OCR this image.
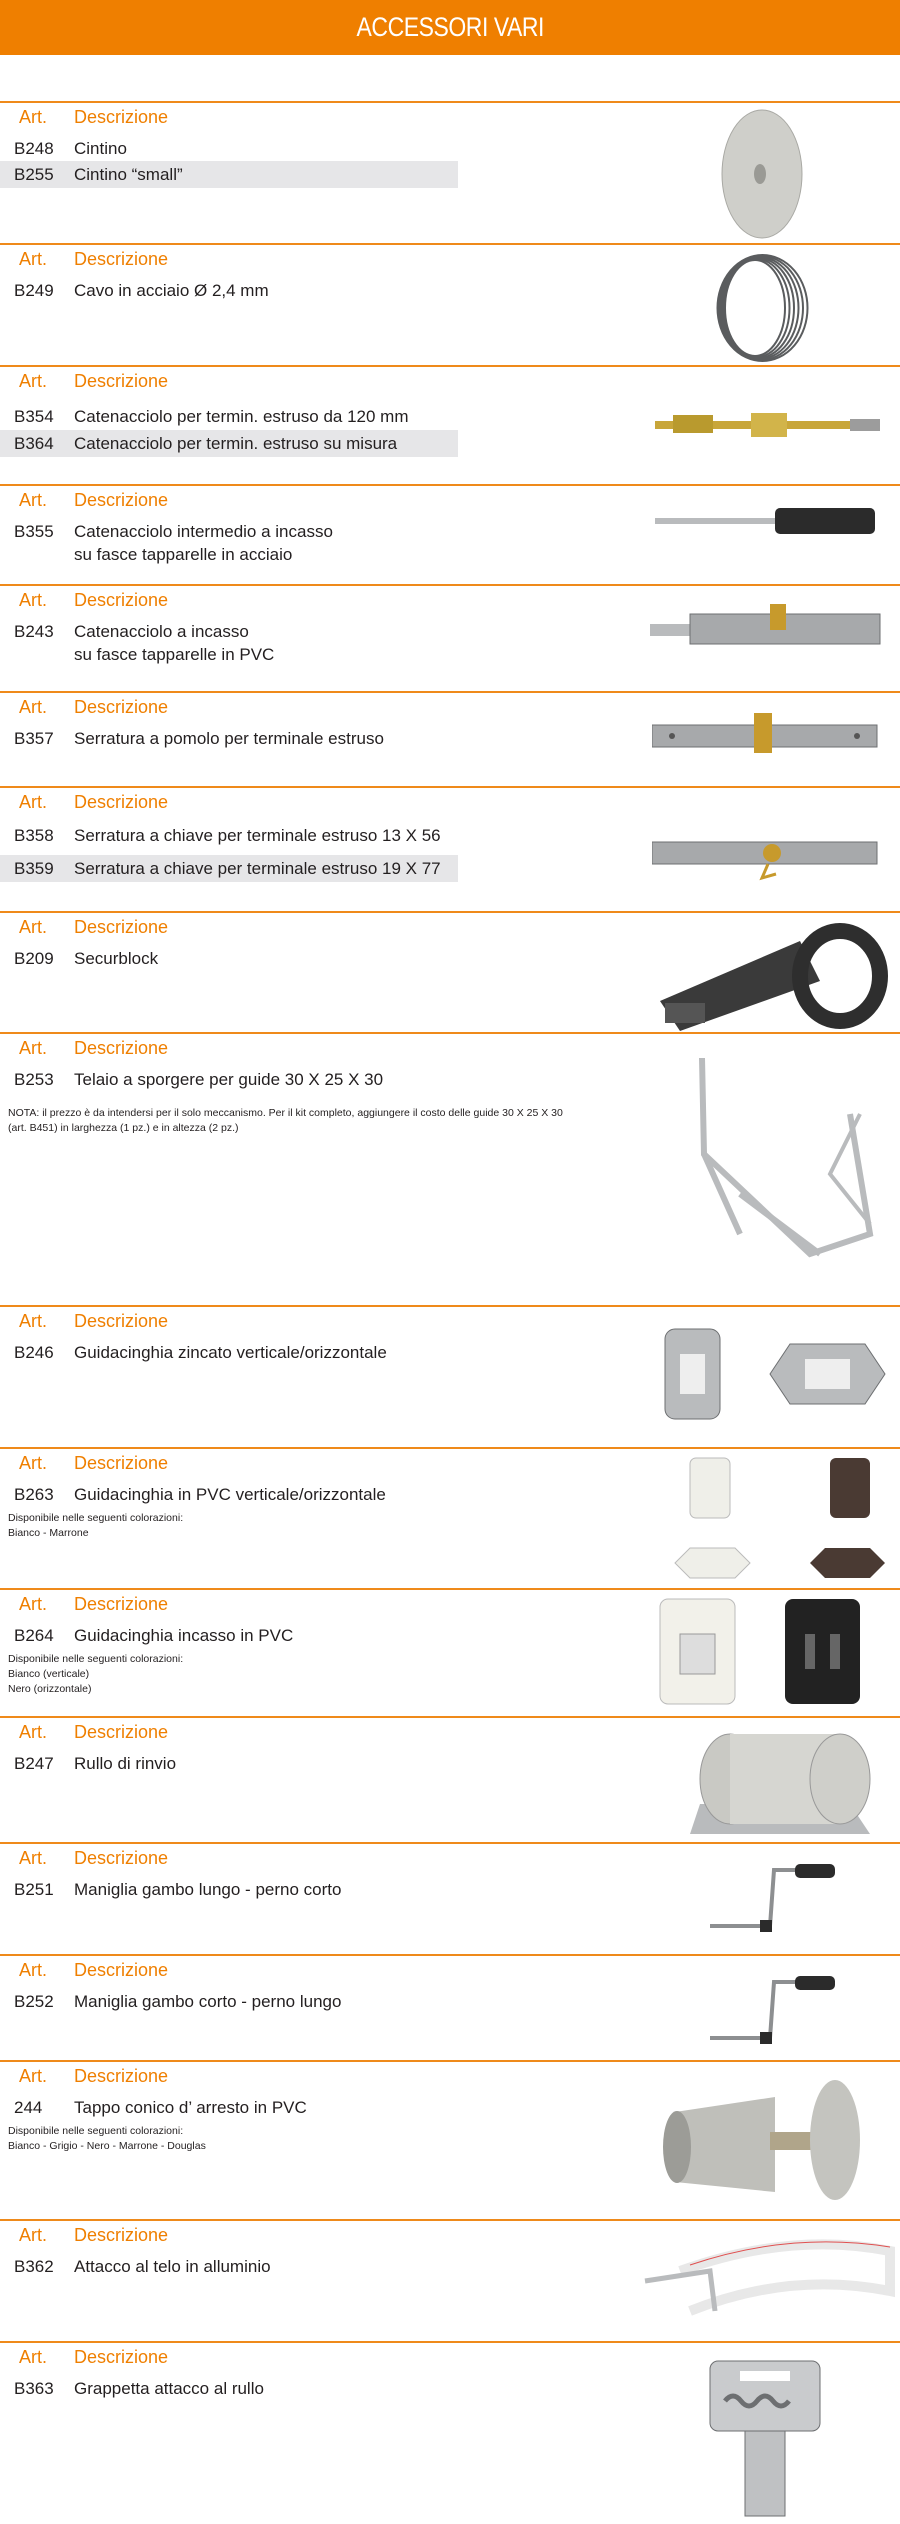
ACCESSORI VARI
Art. Descrizione
B248 Cintino
B255 Cintino “small”
Art. Descrizione
B249 Cavo in acciaio Ø 2,4 mm
Art. Descrizione
B354 Catenacciolo per termin. estruso da 120 mm
B364 Catenacciolo per termin. estruso su misura
Art. Descrizione
B355 Catenacciolo intermedio a incasso
su fasce tapparelle in acciaio
Art. Descrizione
B243 Catenacciolo a incasso
su fasce tapparelle in PVC
Art. Descrizione
B357 Serratura a pomolo per terminale estruso
Art. Descrizione
B358 Serratura a chiave per terminale estruso 13 X 56
B359 Serratura a chiave per terminale estruso 19 X 77
Art. Descrizione
B209 Securblock
Art. Descrizione
B253 Telaio a sporgere per guide 30 X 25 X 30
NOTA: il prezzo è da intendersi per il solo meccanismo. Per il kit completo, aggiungere il costo delle guide 30 X 25 X 30
(art. B451) in larghezza (1 pz.) e in altezza (2 pz.)
Art. Descrizione
B246 Guidacinghia zincato verticale/orizzontale
Art. Descrizione
B263 Guidacinghia in PVC verticale/orizzontale
Disponibile nelle seguenti colorazioni:
Bianco - Marrone
Art. Descrizione
B264 Guidacinghia incasso in PVC
Disponibile nelle seguenti colorazioni:
Bianco (verticale)
Nero (orizzontale)
Art. Descrizione
B247 Rullo di rinvio
Art. Descrizione
B251 Maniglia gambo lungo - perno corto
Art. Descrizione
B252 Maniglia gambo corto - perno lungo
Art. Descrizione
244 Tappo conico d’ arresto in PVC
Disponibile nelle seguenti colorazioni:
Bianco - Grigio - Nero - Marrone - Douglas
Art. Descrizione
B362 Attacco al telo in alluminio
Art. Descrizione
B363 Grappetta attacco al rullo
